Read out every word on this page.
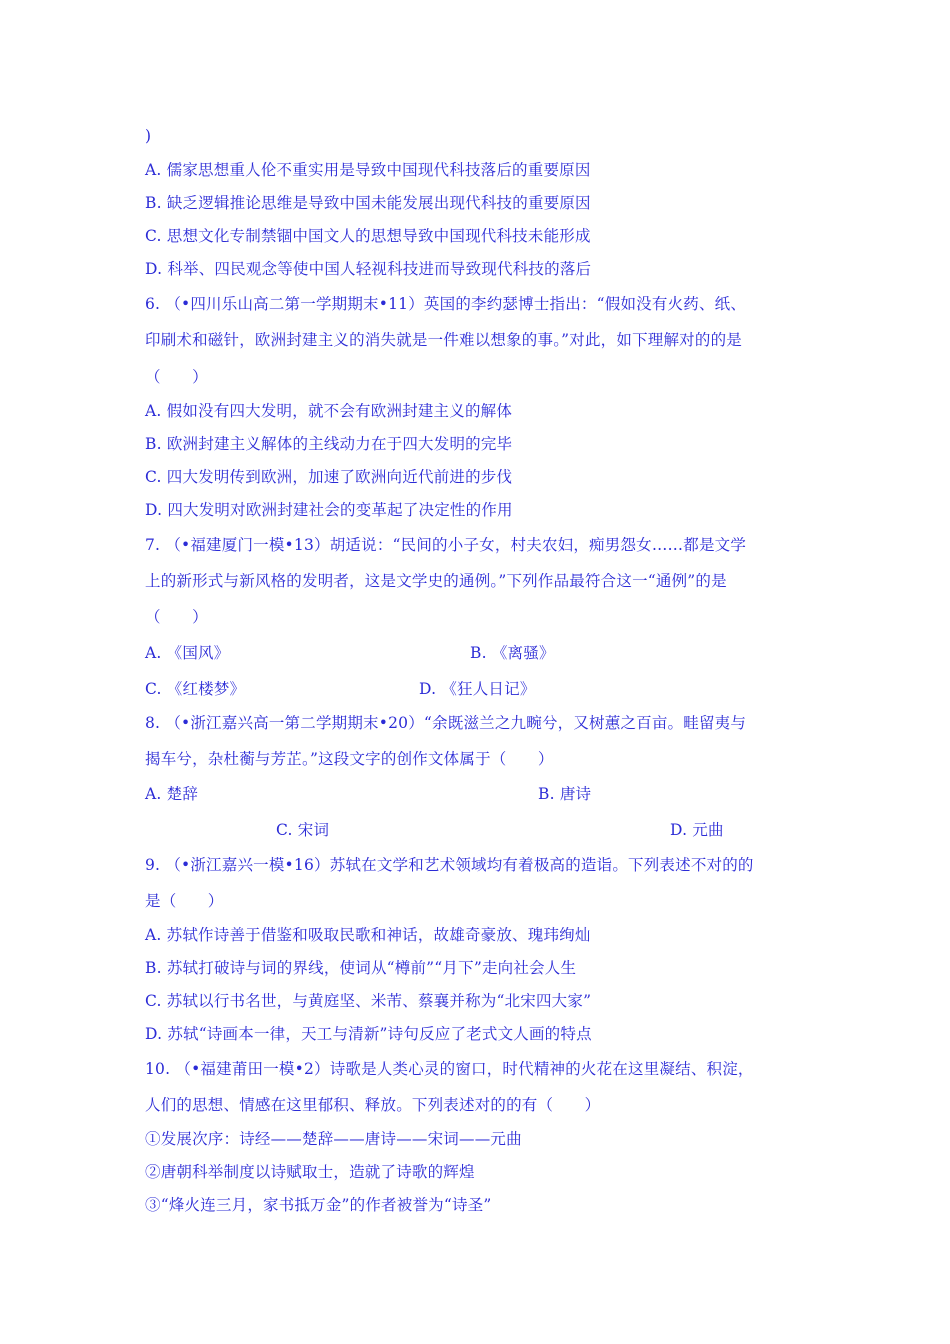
)
A. 儒家思想重人伦不重实用是导致中国现代科技落后的重要原因
B. 缺乏逻辑推论思维是导致中国未能发展出现代科技的重要原因
C. 思想文化专制禁锢中国文人的思想导致中国现代科技未能形成
D. 科举、四民观念等使中国人轻视科技进而导致现代科技的落后
6. （•四川乐山高二第一学期期末•11）英国的李约瑟博士指出：“假如没有火药、纸、
印刷术和磁针，欧洲封建主义的消失就是一件难以想象的事。”对此，如下理解对的的是
（　　）
A. 假如没有四大发明，就不会有欧洲封建主义的解体
B. 欧洲封建主义解体的主线动力在于四大发明的完毕
C. 四大发明传到欧洲，加速了欧洲向近代前进的步伐
D. 四大发明对欧洲封建社会的变革起了决定性的作用
7. （•福建厦门一模•13）胡适说：“民间的小子女，村夫农妇，痴男怨女……都是文学
上的新形式与新风格的发明者，这是文学史的通例。”下列作品最符合这一“通例”的是
（　　）
A. 《国风》	B. 《离骚》
C. 《红楼梦》	D. 《狂人日记》
8. （•浙江嘉兴高一第二学期期末•20）“余既滋兰之九畹兮，又树蕙之百亩。畦留夷与
揭车兮，杂杜蘅与芳芷。”这段文字的创作文体属于（　　）
A. 楚辞	B. 唐诗
C. 宋词	D. 元曲
9. （•浙江嘉兴一模•16）苏轼在文学和艺术领域均有着极高的造诣。下列表述不对的的
是（　　）
A. 苏轼作诗善于借鉴和吸取民歌和神话，故雄奇豪放、瑰玮绚灿
B. 苏轼打破诗与词的界线，使词从“樽前”“月下”走向社会人生
C. 苏轼以行书名世，与黄庭坚、米芾、蔡襄并称为“北宋四大家”
D. 苏轼“诗画本一律，天工与清新”诗句反应了老式文人画的特点
10. （•福建莆田一模•2）诗歌是人类心灵的窗口，时代精神的火花在这里凝结、积淀，
人们的思想、情感在这里郁积、释放。下列表述对的的有（　　）
①发展次序：诗经——楚辞——唐诗——宋词——元曲
②唐朝科举制度以诗赋取士，造就了诗歌的辉煌
③“烽火连三月，家书抵万金”的作者被誉为“诗圣”
